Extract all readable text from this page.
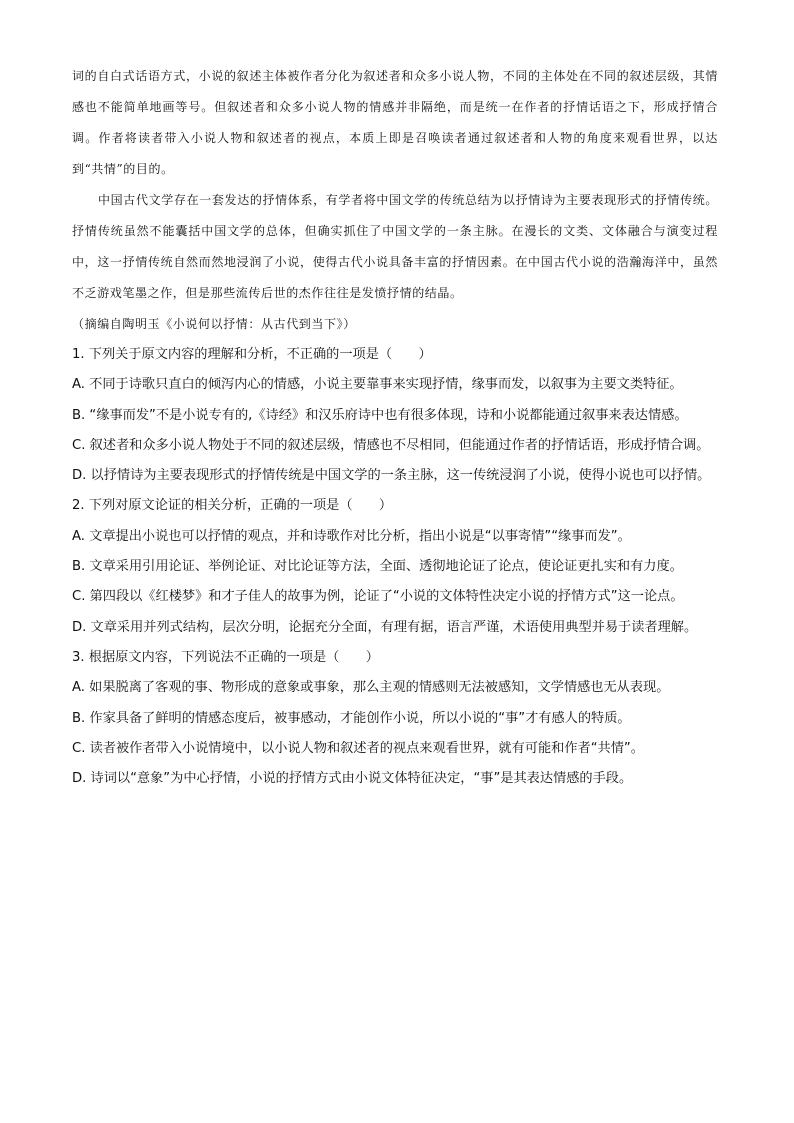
词的自白式话语方式，小说的叙述主体被作者分化为叙述者和众多小说人物，不同的主体处在不同的叙述层级，其情感也不能简单地画等号。但叙述者和众多小说人物的情感并非隔绝，而是统一在作者的抒情话语之下，形成抒情合调。作者将读者带入小说人物和叙述者的视点，本质上即是召唤读者通过叙述者和人物的角度来观看世界，以达到“共情”的目的。

中国古代文学存在一套发达的抒情体系，有学者将中国文学的传统总结为以抒情诗为主要表现形式的抒情传统。抒情传统虽然不能囊括中国文学的总体，但确实抓住了中国文学的一条主脉。在漫长的文类、文体融合与演变过程中，这一抒情传统自然而然地浸润了小说，使得古代小说具备丰富的抒情因素。在中国古代小说的浩瀚海洋中，虽然不乏游戏笔墨之作，但是那些流传后世的杰作往往是发愤抒情的结晶。

（摘编自陶明玉《小说何以抒情：从古代到当下》）

1. 下列关于原文内容的理解和分析，不正确的一项是（　　）

A. 不同于诗歌只直白的倾泻内心的情感，小说主要靠事来实现抒情，缘事而发，以叙事为主要文类特征。

B. “缘事而发”不是小说专有的,《诗经》和汉乐府诗中也有很多体现，诗和小说都能通过叙事来表达情感。

C. 叙述者和众多小说人物处于不同的叙述层级，情感也不尽相同，但能通过作者的抒情话语，形成抒情合调。

D. 以抒情诗为主要表现形式的抒情传统是中国文学的一条主脉，这一传统浸润了小说，使得小说也可以抒情。

2. 下列对原文论证的相关分析，正确的一项是（　　）

A. 文章提出小说也可以抒情的观点，并和诗歌作对比分析，指出小说是“以事寄情”“缘事而发”。

B. 文章采用引用论证、举例论证、对比论证等方法，全面、透彻地论证了论点，使论证更扎实和有力度。

C. 第四段以《红楼梦》和才子佳人的故事为例，论证了“小说的文体特性决定小说的抒情方式”这一论点。

D. 文章采用并列式结构，层次分明，论据充分全面，有理有据，语言严谨，术语使用典型并易于读者理解。

3. 根据原文内容，下列说法不正确的一项是（　　）

A. 如果脱离了客观的事、物形成的意象或事象，那么主观的情感则无法被感知，文学情感也无从表现。

B. 作家具备了鲜明的情感态度后，被事感动，才能创作小说，所以小说的“事”才有感人的特质。

C. 读者被作者带入小说情境中，以小说人物和叙述者的视点来观看世界，就有可能和作者“共情”。

D. 诗词以“意象”为中心抒情，小说的抒情方式由小说文体特征决定，“事”是其表达情感的手段。
